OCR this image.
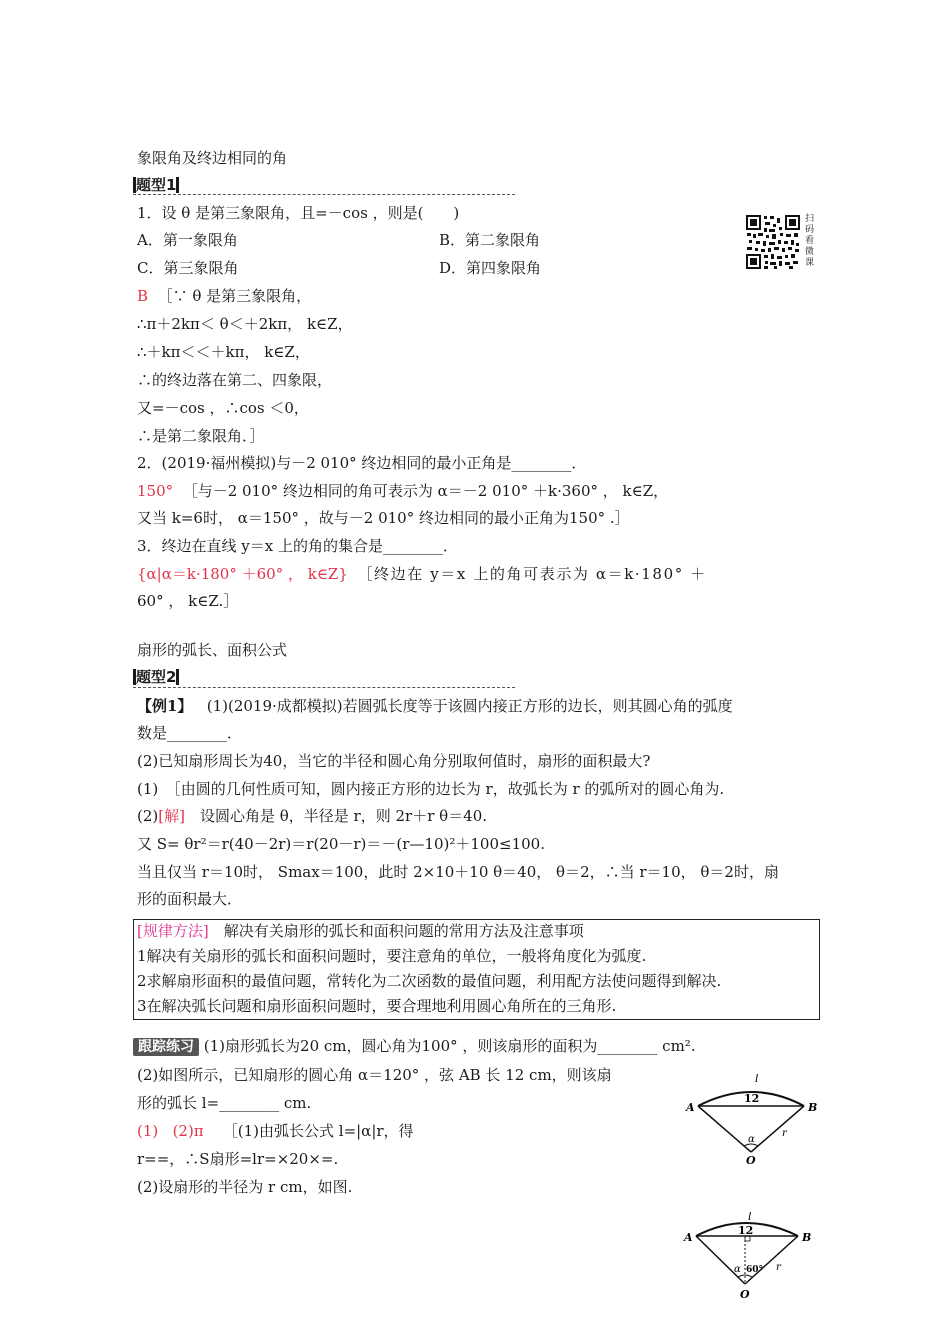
象限角及终边相同的角
题型1
1．设 θ 是第三象限角，且=－cos ，则是(　　)
A．第一象限角	B．第二象限角
C．第三象限角	D．第四象限角
扫码看微课
B ［∵ θ 是第三象限角，
∴π＋2kπ＜ θ＜＋2kπ， k∈Z，
∴＋kπ＜＜＋kπ， k∈Z，
∴的终边落在第二、四象限，
又=－cos ，∴cos ＜0，
∴是第二象限角．］
2．(2019·福州模拟)与－2 010° 终边相同的最小正角是________．
150° ［与－2 010° 终边相同的角可表示为 α＝－2 010° ＋k·360° ， k∈Z，
又当 k=6时， α＝150° ，故与－2 010° 终边相同的最小正角为150° .］
3．终边在直线 y＝x 上的角的集合是________．
{α|α＝k·180° ＋60° ， k∈Z} ［终边在 y＝x 上的角可表示为 α＝k·180° ＋
60° ， k∈Z.］
扇形的弧长、面积公式
题型2
【例1】 (1)(2019·成都模拟)若圆弧长度等于该圆内接正方形的边长，则其圆心角的弧度
数是________．
(2)已知扇形周长为40，当它的半径和圆心角分别取何值时，扇形的面积最大?
(1)　［由圆的几何性质可知，圆内接正方形的边长为 r，故弧长为 r 的弧所对的圆心角为.
(2)[解]　设圆心角是 θ，半径是 r，则 2r＋r θ＝40.
又 S= θr²＝r(40－2r)＝r(20－r)＝－(r—10)²＋100≤100.
当且仅当 r＝10时， Smax＝100，此时 2×10＋10 θ＝40， θ＝2，∴当 r＝10， θ＝2时，扇
形的面积最大．
[规律方法]　解决有关扇形的弧长和面积问题的常用方法及注意事项
1解决有关扇形的弧长和面积问题时，要注意角的单位，一般将角度化为弧度.
2求解扇形面积的最值问题，常转化为二次函数的最值问题，利用配方法使问题得到解决.
3在解决弧长问题和扇形面积问题时，要合理地利用圆心角所在的三角形.
跟踪练习 (1)扇形弧长为20 cm，圆心角为100° ，则该扇形的面积为________ cm².
(2)如图所示，已知扇形的圆心角 α＝120° ，弦 AB 长 12 cm，则该扇
形的弧长 l=________ cm.
(1) (2)π ［(1)由弧长公式 l=|α|r，得
r==，∴S扇形=lr=×20×=.
(2)设扇形的半径为 r cm，如图.
l
A	B
12
α
r
O
l
A	B
12
α 60° r
O
